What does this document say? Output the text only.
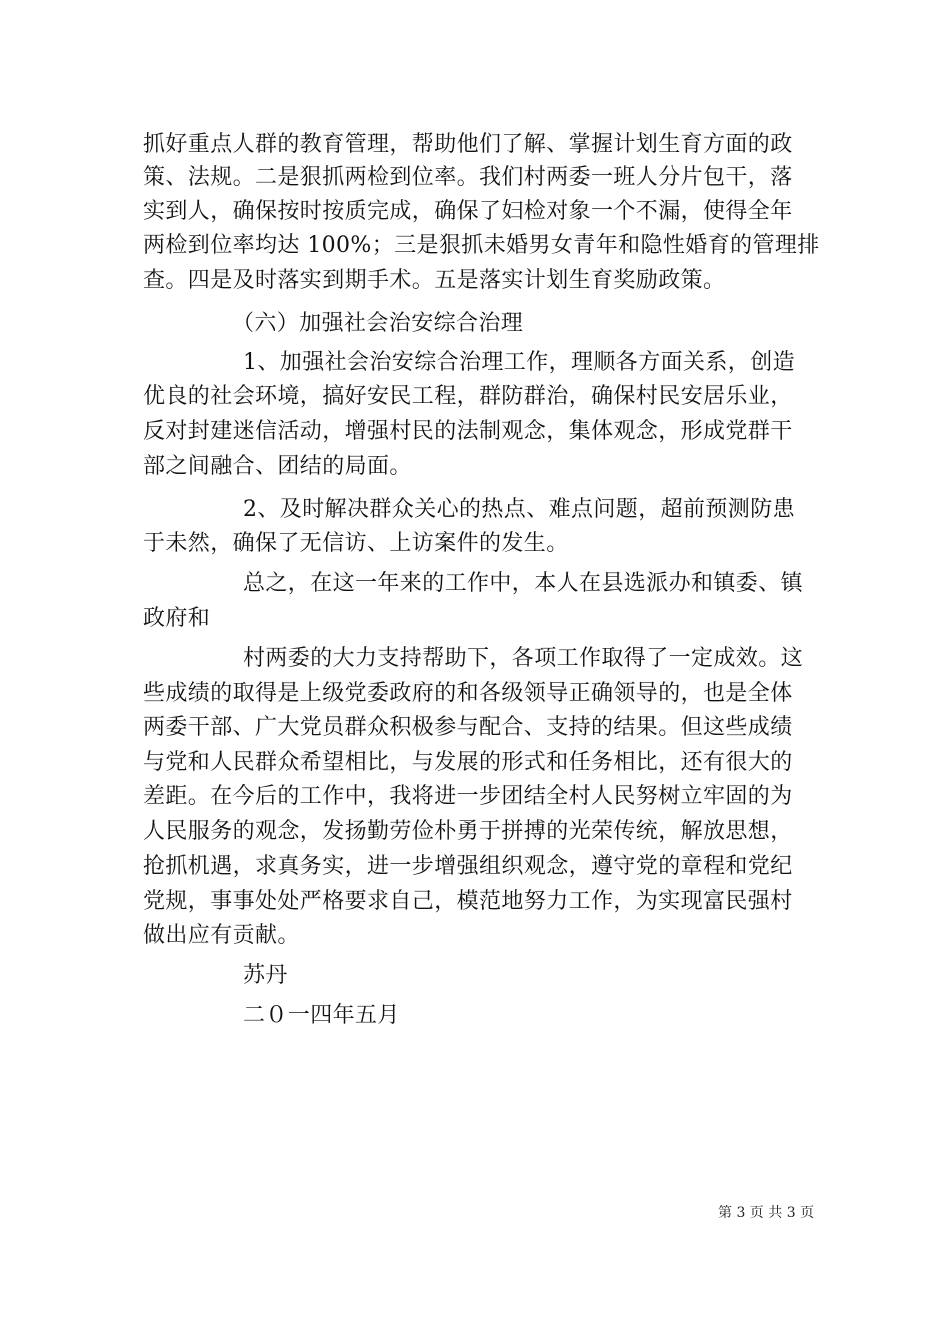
抓好重点人群的教育管理，帮助他们了解、掌握计划生育方面的政
策、法规。二是狠抓两检到位率。我们村两委一班人分片包干，落
实到人，确保按时按质完成，确保了妇检对象一个不漏，使得全年
两检到位率均达 100%；三是狠抓未婚男女青年和隐性婚育的管理排
查。四是及时落实到期手术。五是落实计划生育奖励政策。
（六）加强社会治安综合治理
1、加强社会治安综合治理工作，理顺各方面关系，创造
优良的社会环境，搞好安民工程，群防群治，确保村民安居乐业，
反对封建迷信活动，增强村民的法制观念，集体观念，形成党群干
部之间融合、团结的局面。
2、及时解决群众关心的热点、难点问题，超前预测防患
于未然，确保了无信访、上访案件的发生。
总之，在这一年来的工作中，本人在县选派办和镇委、镇
政府和
村两委的大力支持帮助下，各项工作取得了一定成效。这
些成绩的取得是上级党委政府的和各级领导正确领导的，也是全体
两委干部、广大党员群众积极参与配合、支持的结果。但这些成绩
与党和人民群众希望相比，与发展的形式和任务相比，还有很大的
差距。在今后的工作中，我将进一步团结全村人民努树立牢固的为
人民服务的观念，发扬勤劳俭朴勇于拼搏的光荣传统，解放思想，
抢抓机遇，求真务实，进一步增强组织观念，遵守党的章程和党纪
党规，事事处处严格要求自己，模范地努力工作，为实现富民强村
做出应有贡献。
苏丹
二０一四年五月
第 3 页 共 3 页
